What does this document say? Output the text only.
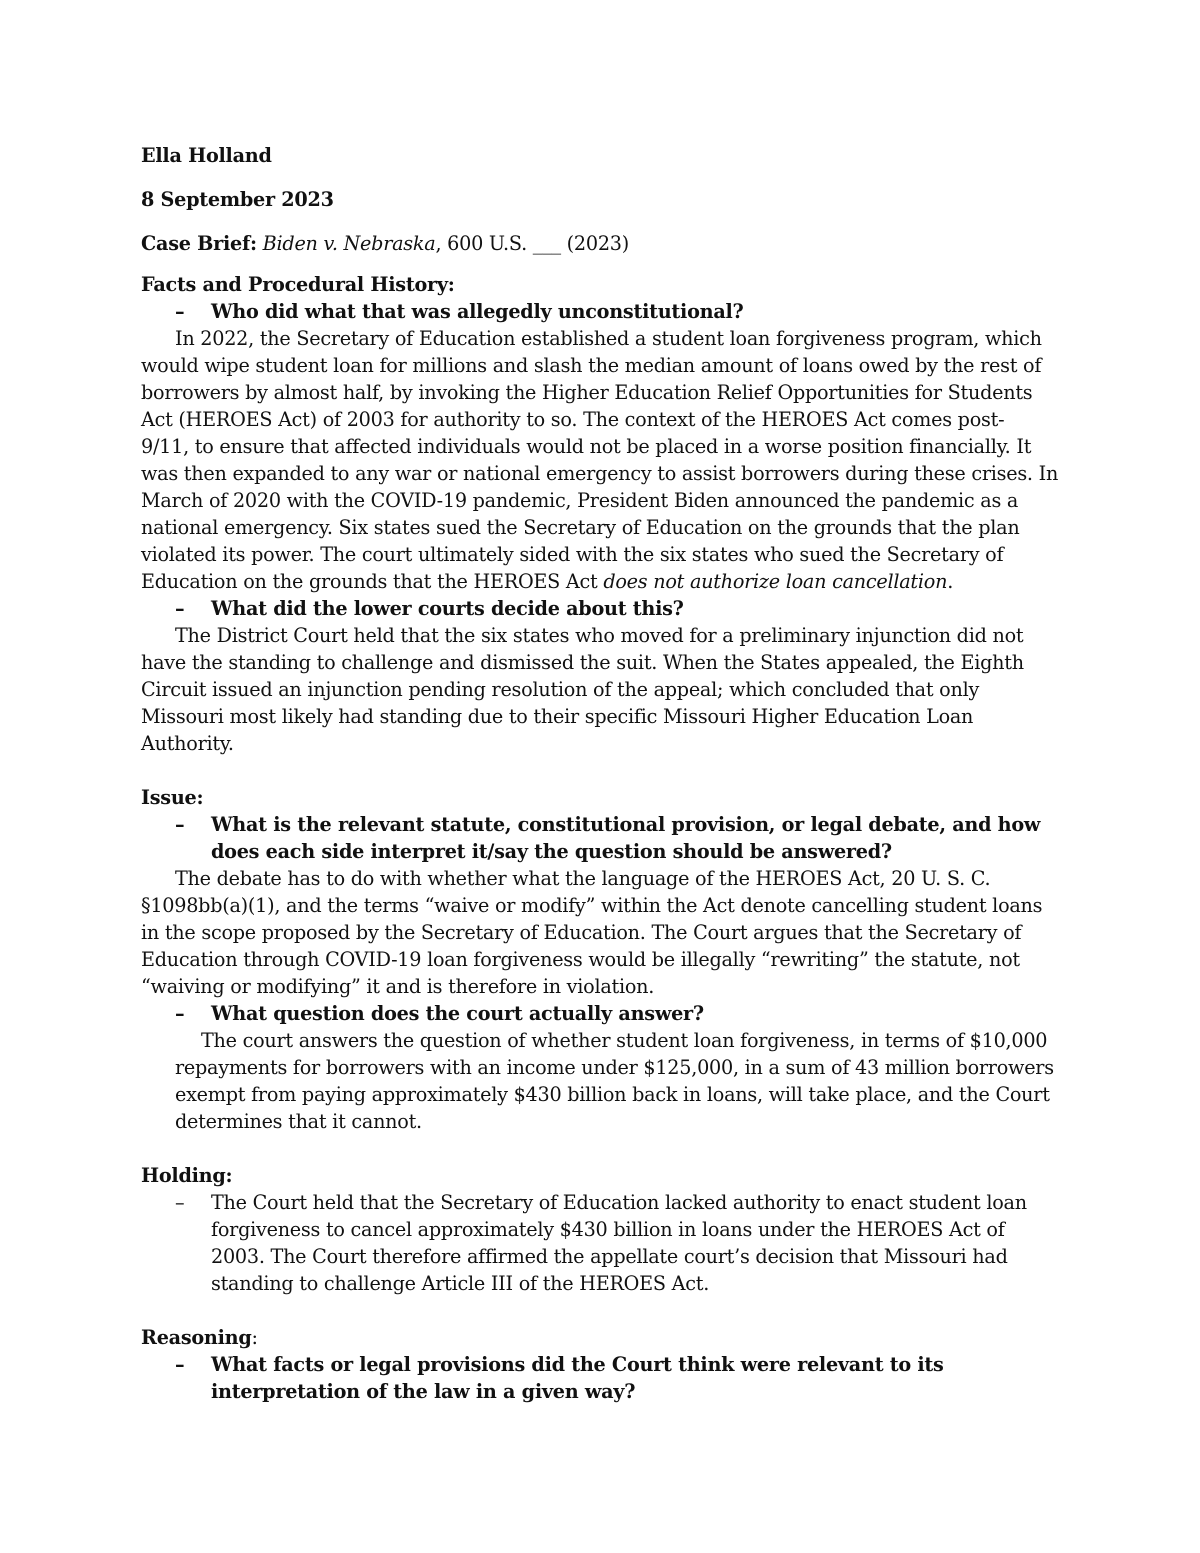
Ella Holland
8 September 2023
Case Brief: Biden v. Nebraska, 600 U.S. ___ (2023)
Facts and Procedural History:
– Who did what that was allegedly unconstitutional?
In 2022, the Secretary of Education established a student loan forgiveness program, which
would wipe student loan for millions and slash the median amount of loans owed by the rest of
borrowers by almost half, by invoking the Higher Education Relief Opportunities for Students
Act (HEROES Act) of 2003 for authority to so. The context of the HEROES Act comes post-
9/11, to ensure that affected individuals would not be placed in a worse position financially. It
was then expanded to any war or national emergency to assist borrowers during these crises. In
March of 2020 with the COVID-19 pandemic, President Biden announced the pandemic as a
national emergency. Six states sued the Secretary of Education on the grounds that the plan
violated its power. The court ultimately sided with the six states who sued the Secretary of
Education on the grounds that the HEROES Act does not authorize loan cancellation.
– What did the lower courts decide about this?
The District Court held that the six states who moved for a preliminary injunction did not
have the standing to challenge and dismissed the suit. When the States appealed, the Eighth
Circuit issued an injunction pending resolution of the appeal; which concluded that only
Missouri most likely had standing due to their specific Missouri Higher Education Loan
Authority.
Issue:
– What is the relevant statute, constitutional provision, or legal debate, and how does each side interpret it/say the question should be answered?
The debate has to do with whether what the language of the HEROES Act, 20 U. S. C.
§1098bb(a)(1), and the terms “waive or modify” within the Act denote cancelling student loans
in the scope proposed by the Secretary of Education. The Court argues that the Secretary of
Education through COVID-19 loan forgiveness would be illegally “rewriting” the statute, not
“waiving or modifying” it and is therefore in violation.
– What question does the court actually answer?
The court answers the question of whether student loan forgiveness, in terms of $10,000
repayments for borrowers with an income under $125,000, in a sum of 43 million borrowers
exempt from paying approximately $430 billion back in loans, will take place, and the Court
determines that it cannot.
Holding:
– The Court held that the Secretary of Education lacked authority to enact student loan forgiveness to cancel approximately $430 billion in loans under the HEROES Act of 2003. The Court therefore affirmed the appellate court’s decision that Missouri had standing to challenge Article III of the HEROES Act.
Reasoning:
– What facts or legal provisions did the Court think were relevant to its interpretation of the law in a given way?
